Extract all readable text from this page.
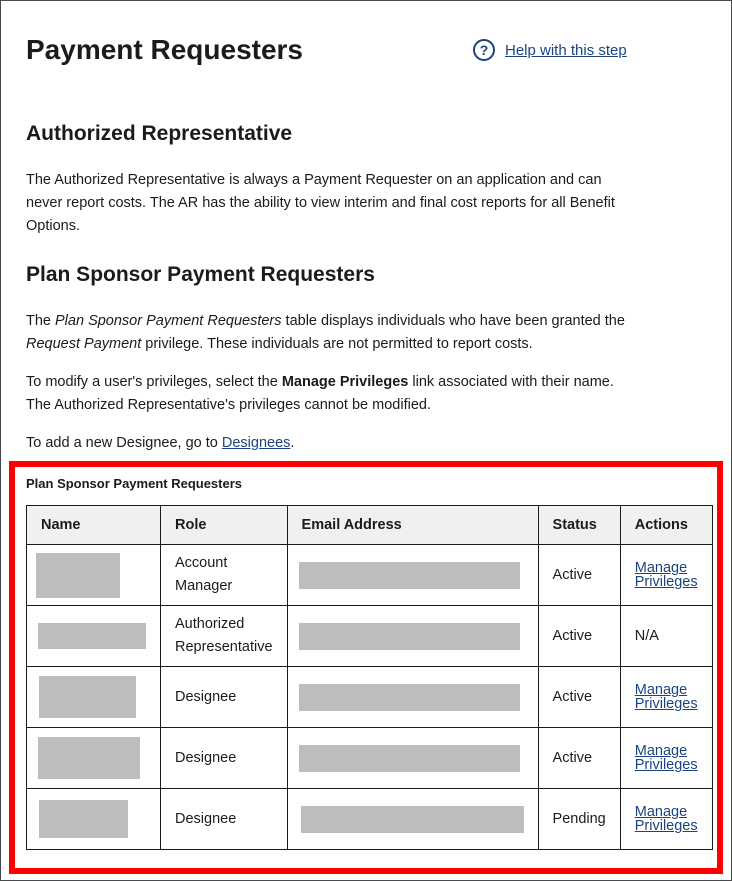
Payment Requesters	?	Help with this step
Authorized Representative

The Authorized Representative is always a Payment Requester on an application and can never report costs. The AR has the ability to view interim and final cost reports for all Benefit Options.

Plan Sponsor Payment Requesters

The Plan Sponsor Payment Requesters table displays individuals who have been granted the Request Payment privilege. These individuals are not permitted to report costs.

To modify a user's privileges, select the Manage Privileges link associated with their name. The Authorized Representative's privileges cannot be modified.

To add a new Designee, go to Designees.

Plan Sponsor Payment Requesters
Name	Role	Email Address	Status	Actions

	Account
Manager		Active	Manage
Privileges

	Authorized
Representative		Active	N/A

	Designee		Active	Manage
Privileges

	Designee		Active	Manage
Privileges

	Designee		Pending	Manage
Privileges
